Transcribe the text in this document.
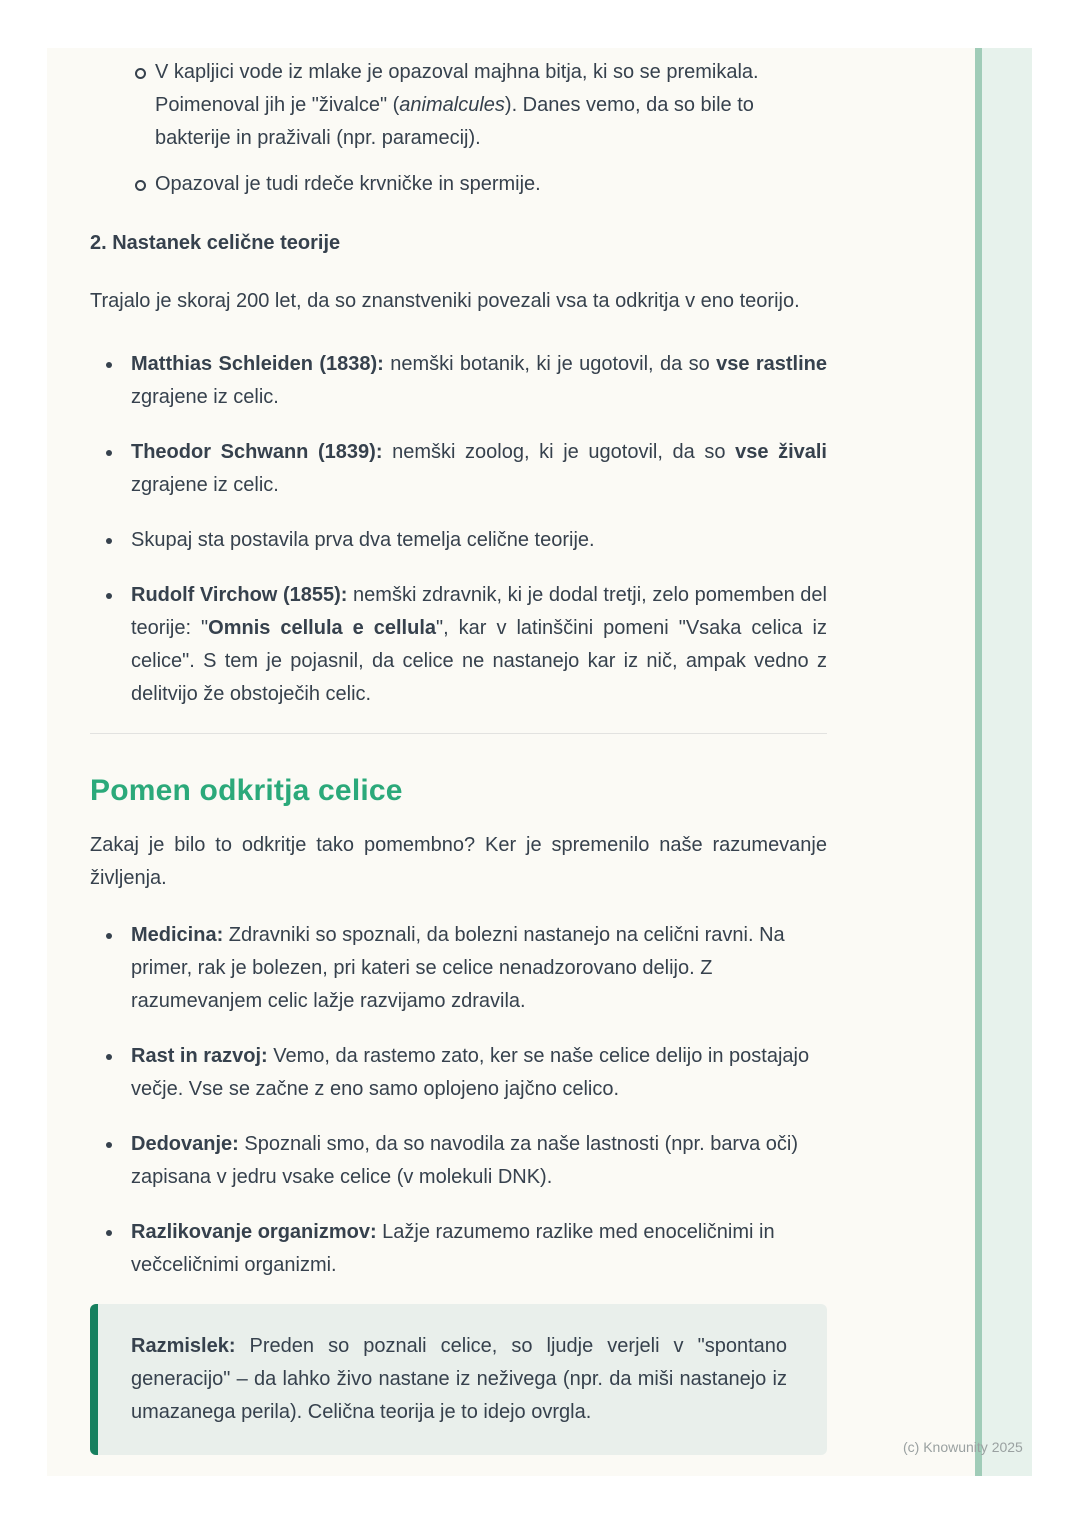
V kapljici vode iz mlake je opazoval majhna bitja, ki so se premikala. Poimenoval jih je "živalce" (animalcules). Danes vemo, da so bile to bakterije in praživali (npr. paramecij).
Opazoval je tudi rdeče krvničke in spermije.
2. Nastanek celične teorije

Trajalo je skoraj 200 let, da so znanstveniki povezali vsa ta odkritja v eno teorijo.

Matthias Schleiden (1838): nemški botanik, ki je ugotovil, da so vse rastline zgrajene iz celic.
Theodor Schwann (1839): nemški zoolog, ki je ugotovil, da so vse živali zgrajene iz celic.
Skupaj sta postavila prva dva temelja celične teorije.
Rudolf Virchow (1855): nemški zdravnik, ki je dodal tretji, zelo pomemben del teorije: "Omnis cellula e cellula", kar v latinščini pomeni "Vsaka celica iz celice". S tem je pojasnil, da celice ne nastanejo kar iz nič, ampak vedno z delitvijo že obstoječih celic.
Pomen odkritja celice

Zakaj je bilo to odkritje tako pomembno? Ker je spremenilo naše razumevanje življenja.

Medicina: Zdravniki so spoznali, da bolezni nastanejo na celični ravni. Na primer, rak je bolezen, pri kateri se celice nenadzorovano delijo. Z razumevanjem celic lažje razvijamo zdravila.
Rast in razvoj: Vemo, da rastemo zato, ker se naše celice delijo in postajajo večje. Vse se začne z eno samo oplojeno jajčno celico.
Dedovanje: Spoznali smo, da so navodila za naše lastnosti (npr. barva oči) zapisana v jedru vsake celice (v molekuli DNK).
Razlikovanje organizmov: Lažje razumemo razlike med enoceličnimi in večceličnimi organizmi.
Razmislek: Preden so poznali celice, so ljudje verjeli v "spontano generacijo" – da lahko živo nastane iz neživega (npr. da miši nastanejo iz umazanega perila). Celična teorija je to idejo ovrgla.
(c) Knowunity 2025
